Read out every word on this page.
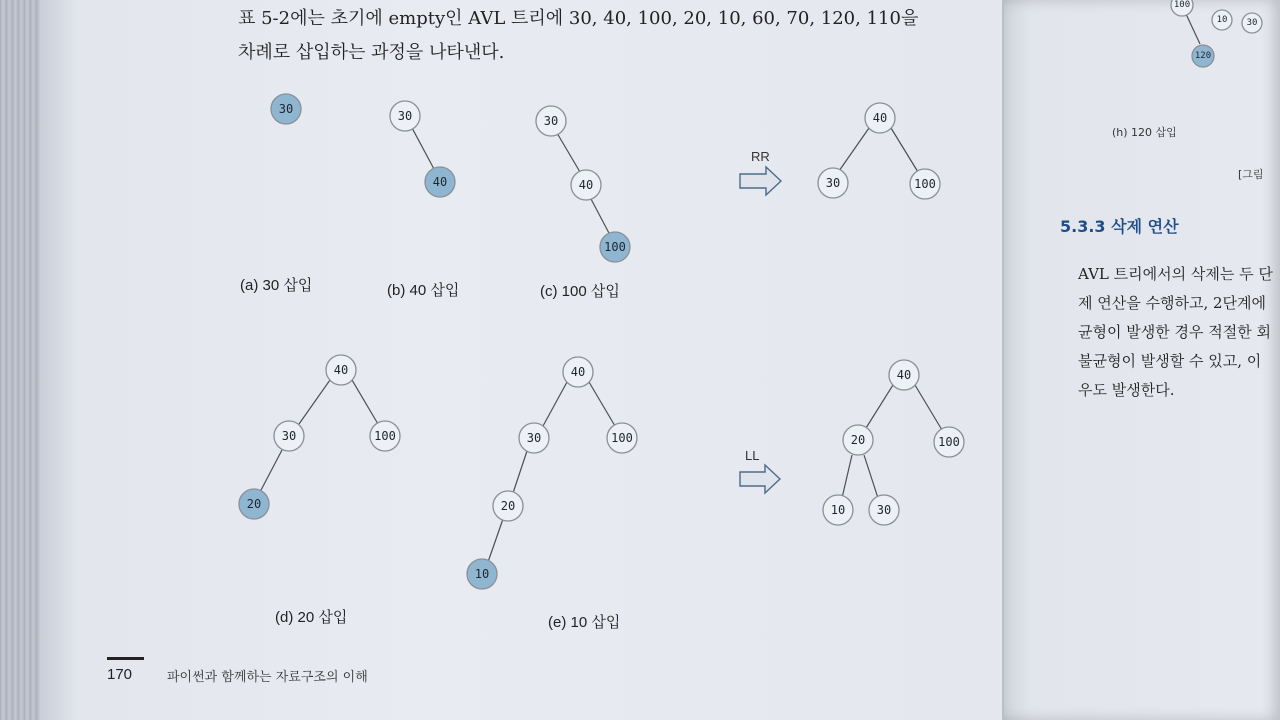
표 5-2에는 초기에 empty인 AVL 트리에 30, 40, 100, 20, 10, 60, 70, 120, 110을
차례로 삽입하는 과정을 나타낸다.
30	30
40
30
40
100
RR
40
30	100
(a) 30 삽입	(b) 40 삽입	(c) 100 삽입
40
30	100
20
40
30	100
20
10
LL
40
20	100
10	30
(d) 20 삽입	(e) 10 삽입
100
10 30
120
170	파이썬과 함께하는 자료구조의 이해
(h) 120 삽입
[그림
5.3.3 삭제 연산
AVL 트리에서의 삭제는 두 단
제 연산을 수행하고, 2단계에
균형이 발생한 경우 적절한 회
불균형이 발생할 수 있고, 이
우도 발생한다.
